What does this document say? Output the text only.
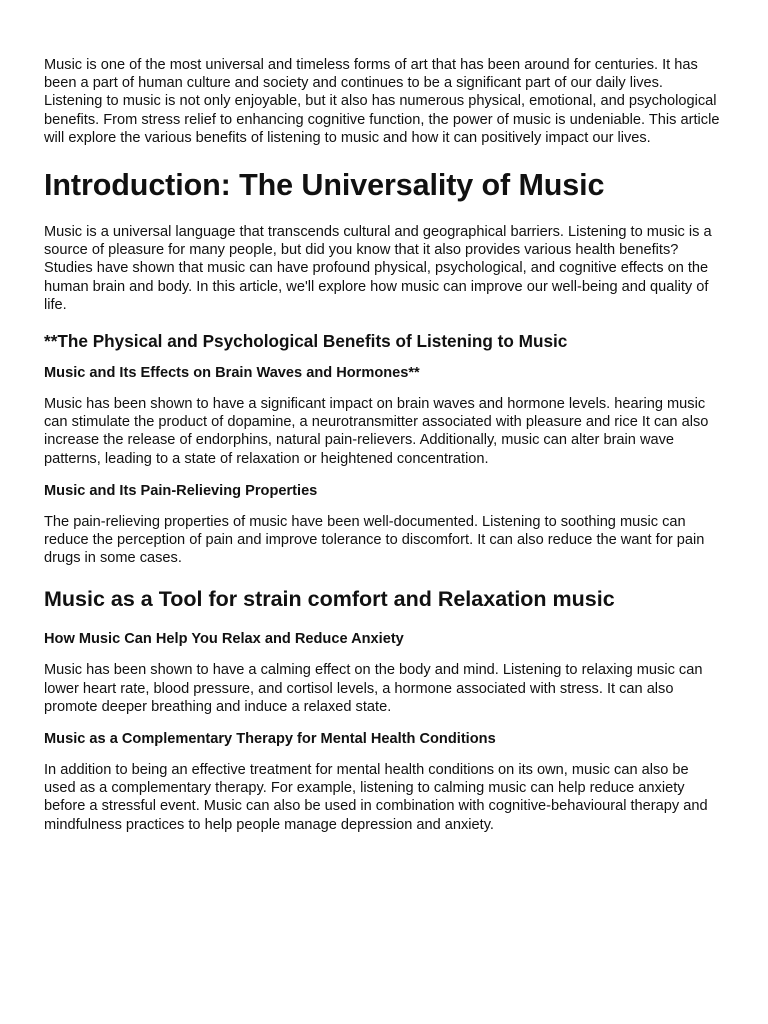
Music is one of the most universal and timeless forms of art that has been around for centuries. It has been a part of human culture and society and continues to be a significant part of our daily lives. Listening to music is not only enjoyable, but it also has numerous physical, emotional, and psychological benefits. From stress relief to enhancing cognitive function, the power of music is undeniable. This article will explore the various benefits of listening to music and how it can positively impact our lives.

Introduction: The Universality of Music

Music is a universal language that transcends cultural and geographical barriers. Listening to music is a source of pleasure for many people, but did you know that it also provides various health benefits? Studies have shown that music can have profound physical, psychological, and cognitive effects on the human brain and body. In this article, we'll explore how music can improve our well-being and quality of life.

**The Physical and Psychological Benefits of Listening to Music
Music and Its Effects on Brain Waves and Hormones**

Music has been shown to have a significant impact on brain waves and hormone levels. hearing music can stimulate the product of dopamine, a neurotransmitter associated with pleasure and rice It can also increase the release of endorphins, natural pain-relievers. Additionally, music can alter brain wave patterns, leading to a state of relaxation or heightened concentration.

Music and Its Pain-Relieving Properties

The pain-relieving properties of music have been well-documented. Listening to soothing music can reduce the perception of pain and improve tolerance to discomfort. It can also reduce the want for pain drugs in some cases.

Music as a Tool for strain comfort and Relaxation music
How Music Can Help You Relax and Reduce Anxiety

Music has been shown to have a calming effect on the body and mind. Listening to relaxing music can lower heart rate, blood pressure, and cortisol levels, a hormone associated with stress. It can also promote deeper breathing and induce a relaxed state.

Music as a Complementary Therapy for Mental Health Conditions

In addition to being an effective treatment for mental health conditions on its own, music can also be used as a complementary therapy. For example, listening to calming music can help reduce anxiety before a stressful event. Music can also be used in combination with cognitive-behavioural therapy and mindfulness practices to help people manage depression and anxiety.
